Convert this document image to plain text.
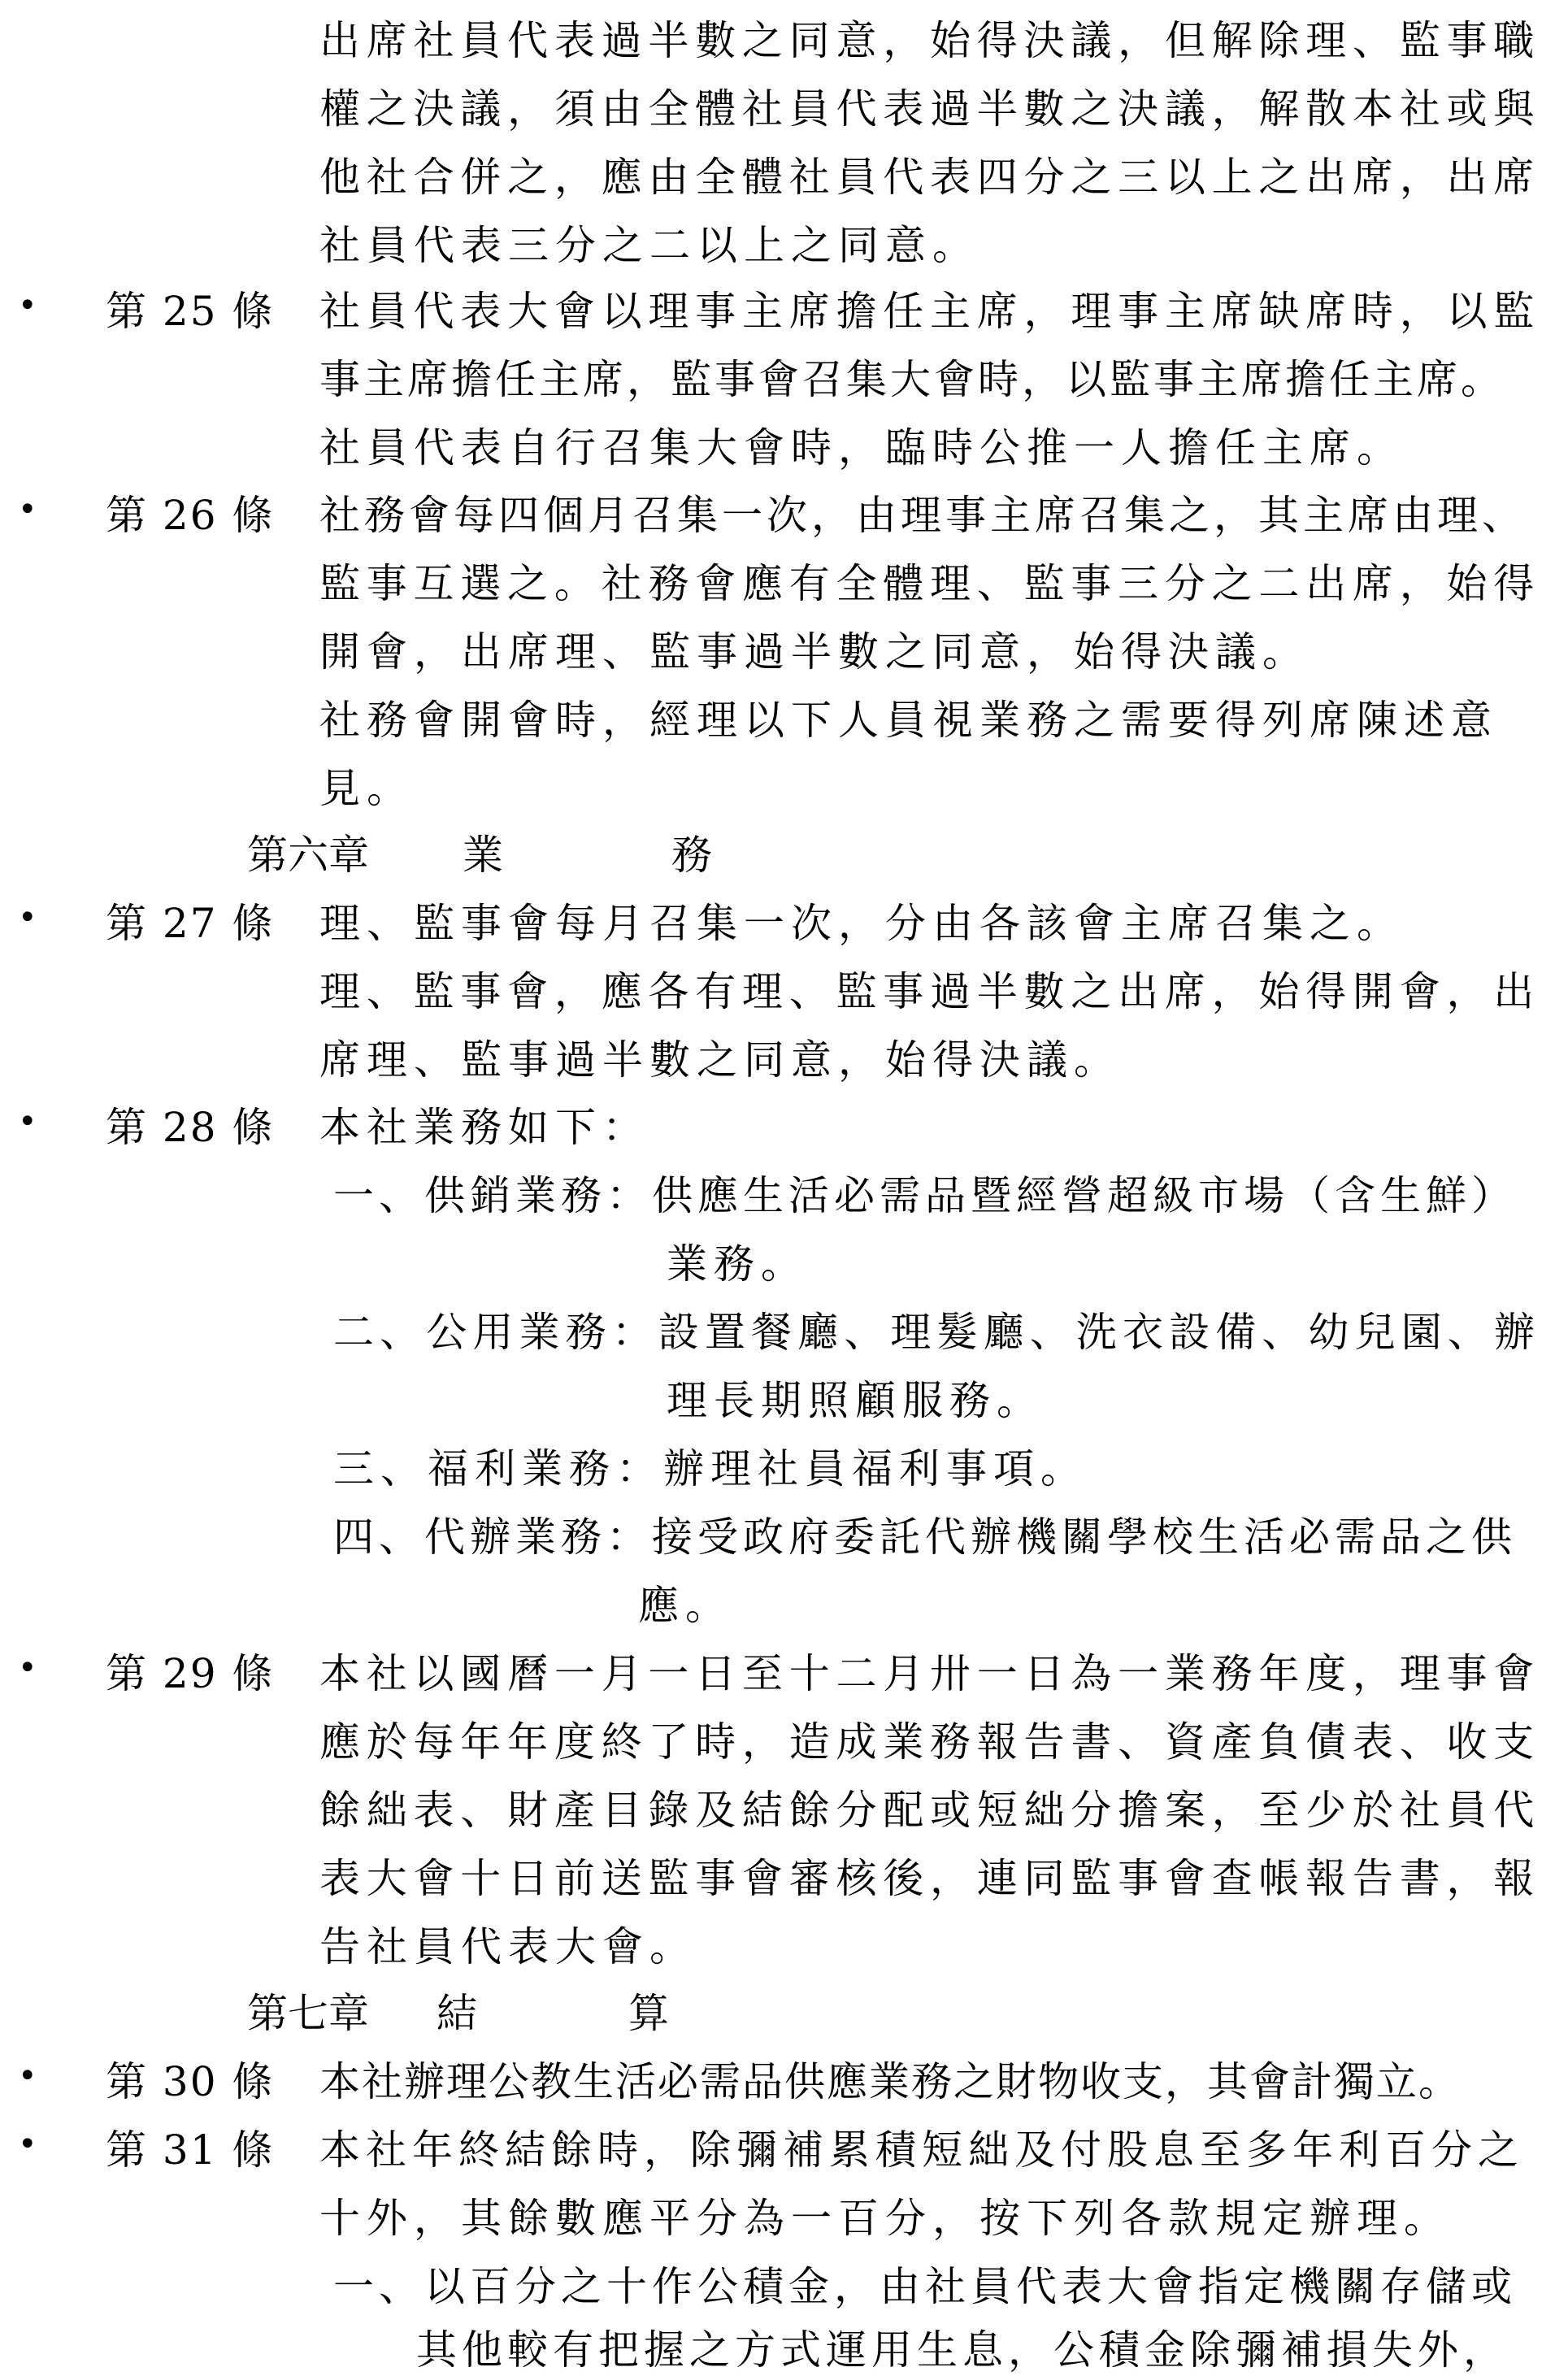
出席社員代表過半數之同意，始得決議，但解除理、監事職
權之決議，須由全體社員代表過半數之決議，解散本社或與
他社合併之，應由全體社員代表四分之三以上之出席，出席
社員代表三分之二以上之同意。
• 第 25 條 社員代表大會以理事主席擔任主席，理事主席缺席時，以監
事主席擔任主席，監事會召集大會時，以監事主席擔任主席。
社員代表自行召集大會時，臨時公推一人擔任主席。
• 第 26 條 社務會每四個月召集一次，由理事主席召集之，其主席由理、
監事互選之。社務會應有全體理、監事三分之二出席，始得
開會，出席理、監事過半數之同意，始得決議。
社務會開會時，經理以下人員視業務之需要得列席陳述意
見。
第六章 業	務
• 第 27 條 理、監事會每月召集一次，分由各該會主席召集之。
理、監事會，應各有理、監事過半數之出席，始得開會，出
席理、監事過半數之同意，始得決議。
• 第 28 條 本社業務如下：
一、供銷業務：供應生活必需品暨經營超級市場（含生鮮）
業務。
二、公用業務：設置餐廳、理髮廳、洗衣設備、幼兒園、辦
理長期照顧服務。
三、福利業務：辦理社員福利事項。
四、代辦業務：接受政府委託代辦機關學校生活必需品之供
應。
• 第 29 條 本社以國曆一月一日至十二月卅一日為一業務年度，理事會
應於每年年度終了時，造成業務報告書、資產負債表、收支
餘絀表、財產目錄及結餘分配或短絀分擔案，至少於社員代
表大會十日前送監事會審核後，連同監事會查帳報告書，報
告社員代表大會。
第七章 結	算
• 第 30 條 本社辦理公教生活必需品供應業務之財物收支，其會計獨立。
• 第 31 條 本社年終結餘時，除彌補累積短絀及付股息至多年利百分之
十外，其餘數應平分為一百分，按下列各款規定辦理。
一、以百分之十作公積金，由社員代表大會指定機關存儲或
其他較有把握之方式運用生息，公積金除彌補損失外，
